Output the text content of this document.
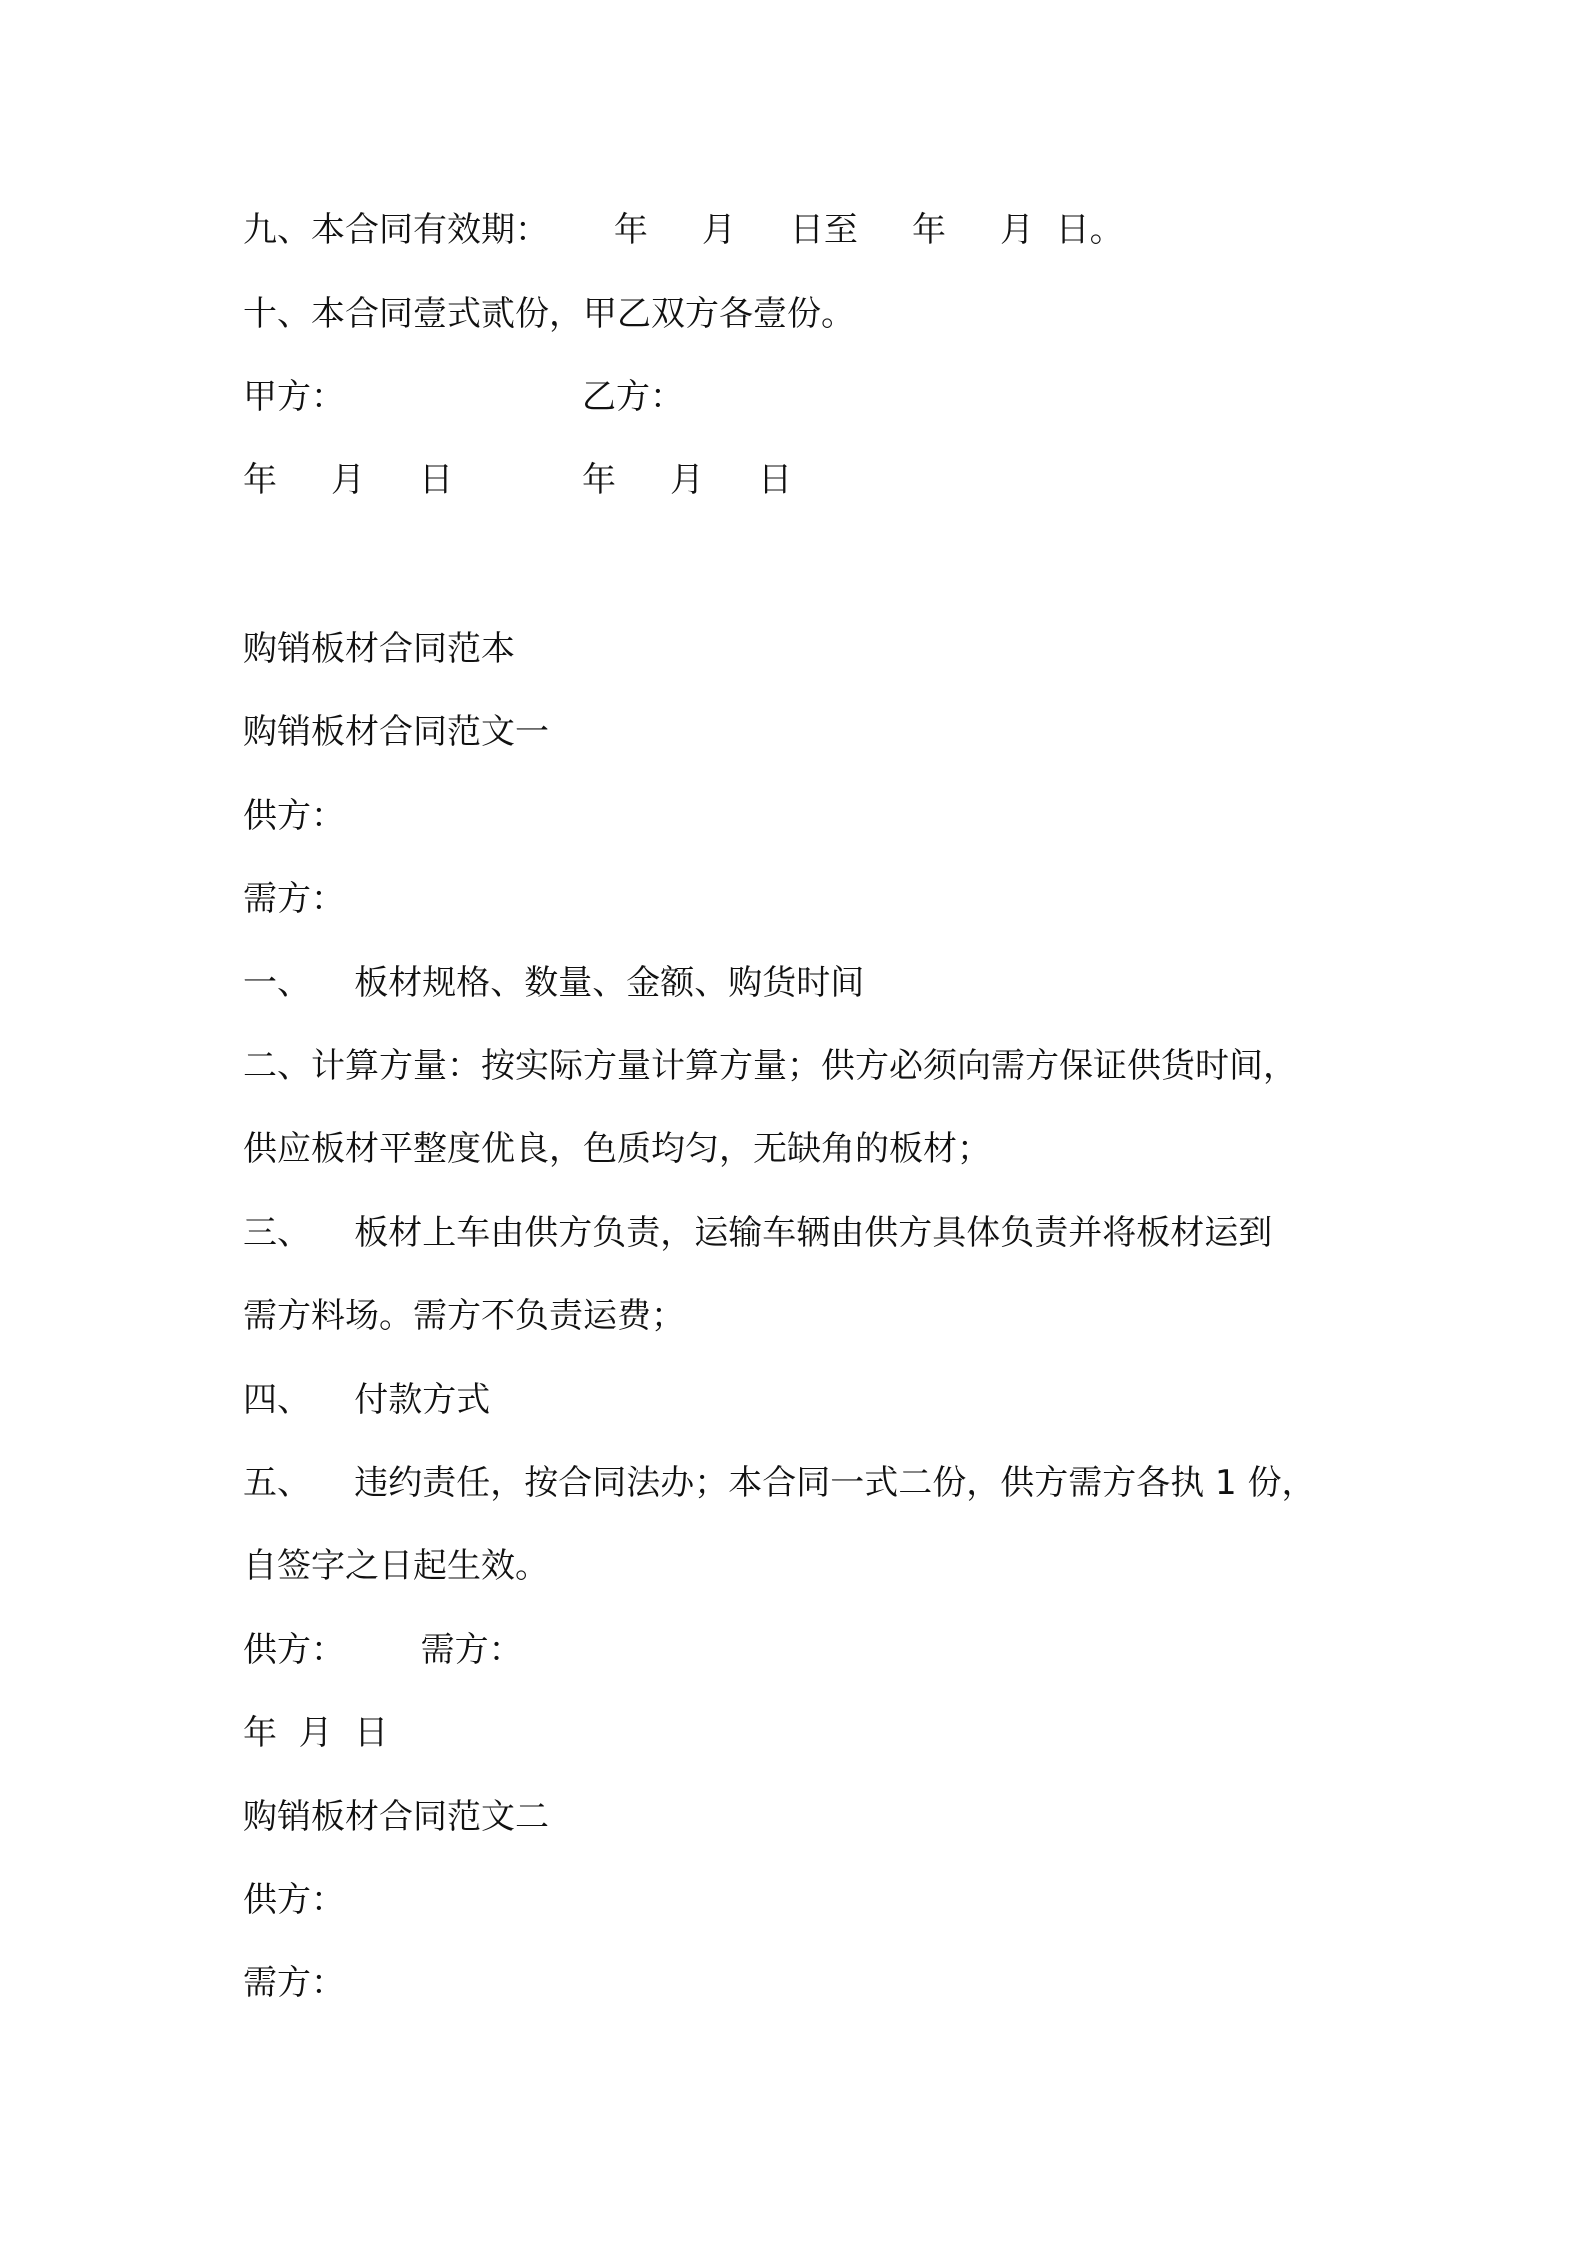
九、本合同有效期：      年     月     日至     年     月  日。

十、本合同壹式贰份，甲乙双方各壹份。

甲方：	乙方：

年     月     日	年     月     日

购销板材合同范本

购销板材合同范文一

供方：

需方：

一、    板材规格、数量、金额、购货时间

二、计算方量：按实际方量计算方量；供方必须向需方保证供货时间，

供应板材平整度优良，色质均匀，无缺角的板材；

三、    板材上车由供方负责，运输车辆由供方具体负责并将板材运到

需方料场。需方不负责运费；

四、    付款方式

五、    违约责任，按合同法办；本合同一式二份，供方需方各执 1 份，

自签字之日起生效。

供方：       需方：

年  月  日

购销板材合同范文二

供方：

需方：
